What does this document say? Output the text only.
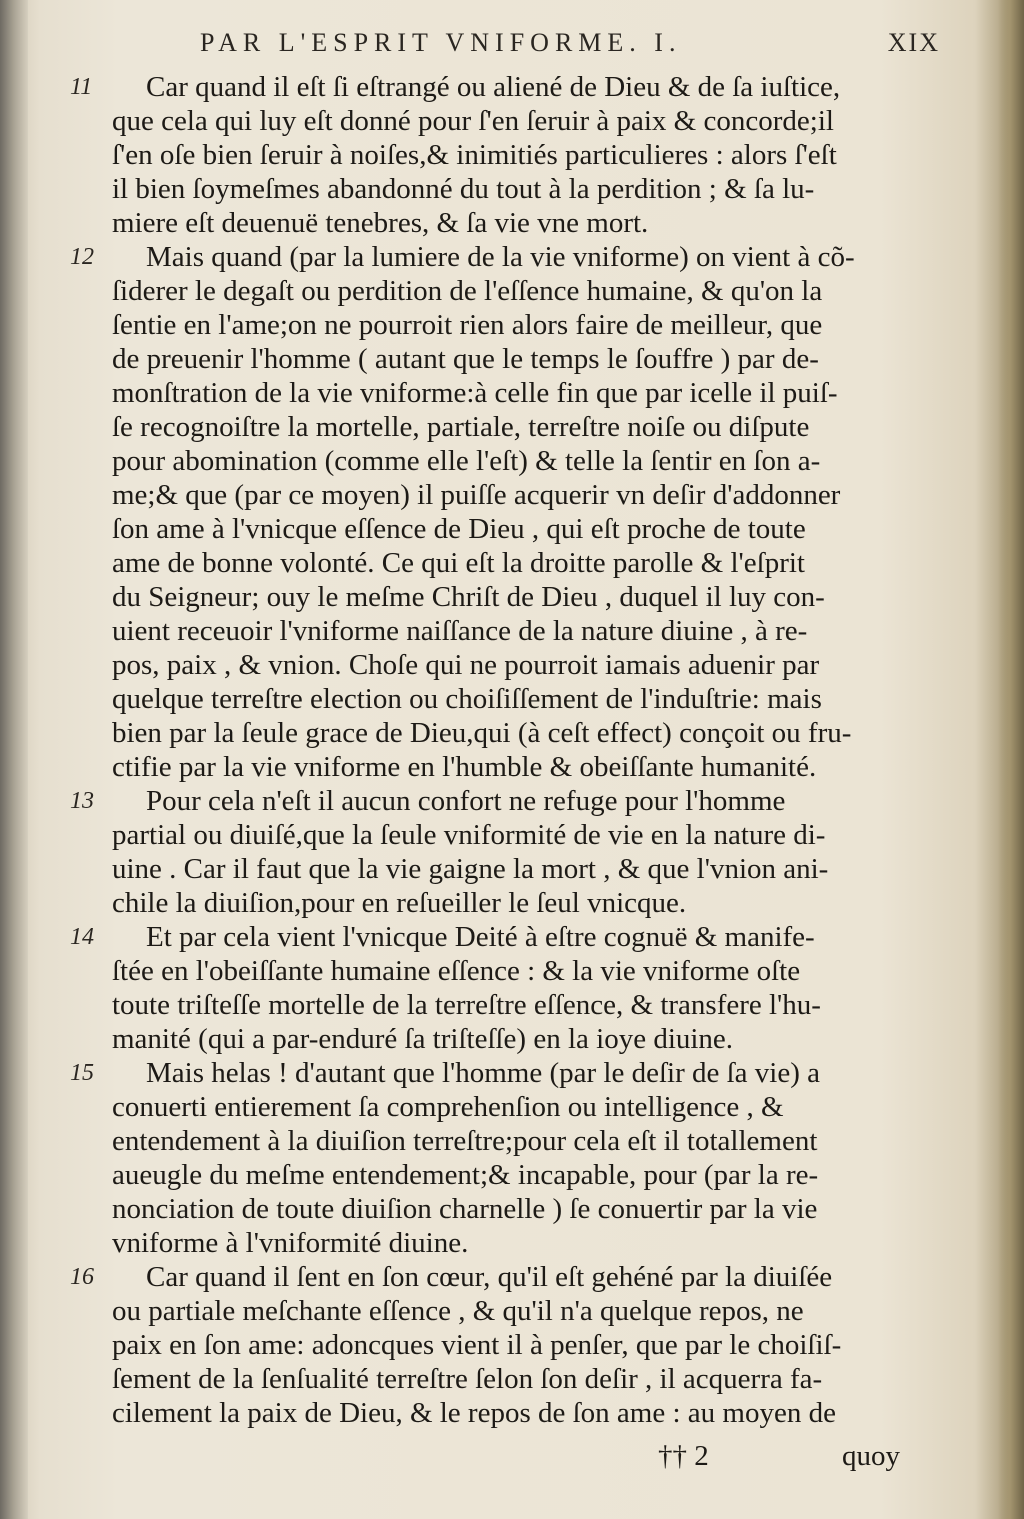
PAR L'ESPRIT VNIFORME. I.	XIX
11	Car quand il eſt ſi eſtrangé ou aliené de Dieu & de ſa iuſtice,
que cela qui luy eſt donné pour ſ'en ſeruir à paix & concorde;il
ſ'en oſe bien ſeruir à noiſes,& inimitiés particulieres : alors ſ'eſt
il bien ſoymeſmes abandonné du tout à la perdition ; & ſa lu-
miere eſt deuenuë tenebres, & ſa vie vne mort.
12	Mais quand (par la lumiere de la vie vniforme) on vient à cõ-
ſiderer le degaſt ou perdition de l'eſſence humaine, & qu'on la
ſentie en l'ame;on ne pourroit rien alors faire de meilleur, que
de preuenir l'homme ( autant que le temps le ſouffre ) par de-
monſtration de la vie vniforme:à celle fin que par icelle il puiſ-
ſe recognoiſtre la mortelle, partiale, terreſtre noiſe ou diſpute
pour abomination (comme elle l'eſt) & telle la ſentir en ſon a-
me;& que (par ce moyen) il puiſſe acquerir vn deſir d'addonner
ſon ame à l'vnicque eſſence de Dieu , qui eſt proche de toute
ame de bonne volonté. Ce qui eſt la droitte parolle & l'eſprit
du Seigneur; ouy le meſme Chriſt de Dieu , duquel il luy con-
uient receuoir l'vniforme naiſſance de la nature diuine , à re-
pos, paix , & vnion. Choſe qui ne pourroit iamais aduenir par
quelque terreſtre election ou choiſiſſement de l'induſtrie: mais
bien par la ſeule grace de Dieu,qui (à ceſt effect) conçoit ou fru-
ctifie par la vie vniforme en l'humble & obeiſſante humanité.
13	Pour cela n'eſt il aucun confort ne refuge pour l'homme
partial ou diuiſé,que la ſeule vniformité de vie en la nature di-
uine . Car il faut que la vie gaigne la mort , & que l'vnion ani-
chile la diuiſion,pour en reſueiller le ſeul vnicque.
14	Et par cela vient l'vnicque Deité à eſtre cognuë & manife-
ſtée en l'obeiſſante humaine eſſence : & la vie vniforme oſte
toute triſteſſe mortelle de la terreſtre eſſence, & transfere l'hu-
manité (qui a par-enduré ſa triſteſſe) en la ioye diuine.
15	Mais helas ! d'autant que l'homme (par le deſir de ſa vie) a
conuerti entierement ſa comprehenſion ou intelligence , &
entendement à la diuiſion terreſtre;pour cela eſt il totallement
aueugle du meſme entendement;& incapable, pour (par la re-
nonciation de toute diuiſion charnelle ) ſe conuertir par la vie
vniforme à l'vniformité diuine.
16	Car quand il ſent en ſon cœur, qu'il eſt gehéné par la diuiſée
ou partiale meſchante eſſence , & qu'il n'a quelque repos, ne
paix en ſon ame: adoncques vient il à penſer, que par le choiſiſ-
ſement de la ſenſualité terreſtre ſelon ſon deſir , il acquerra fa-
cilement la paix de Dieu, & le repos de ſon ame : au moyen de
†† 2	quoy
